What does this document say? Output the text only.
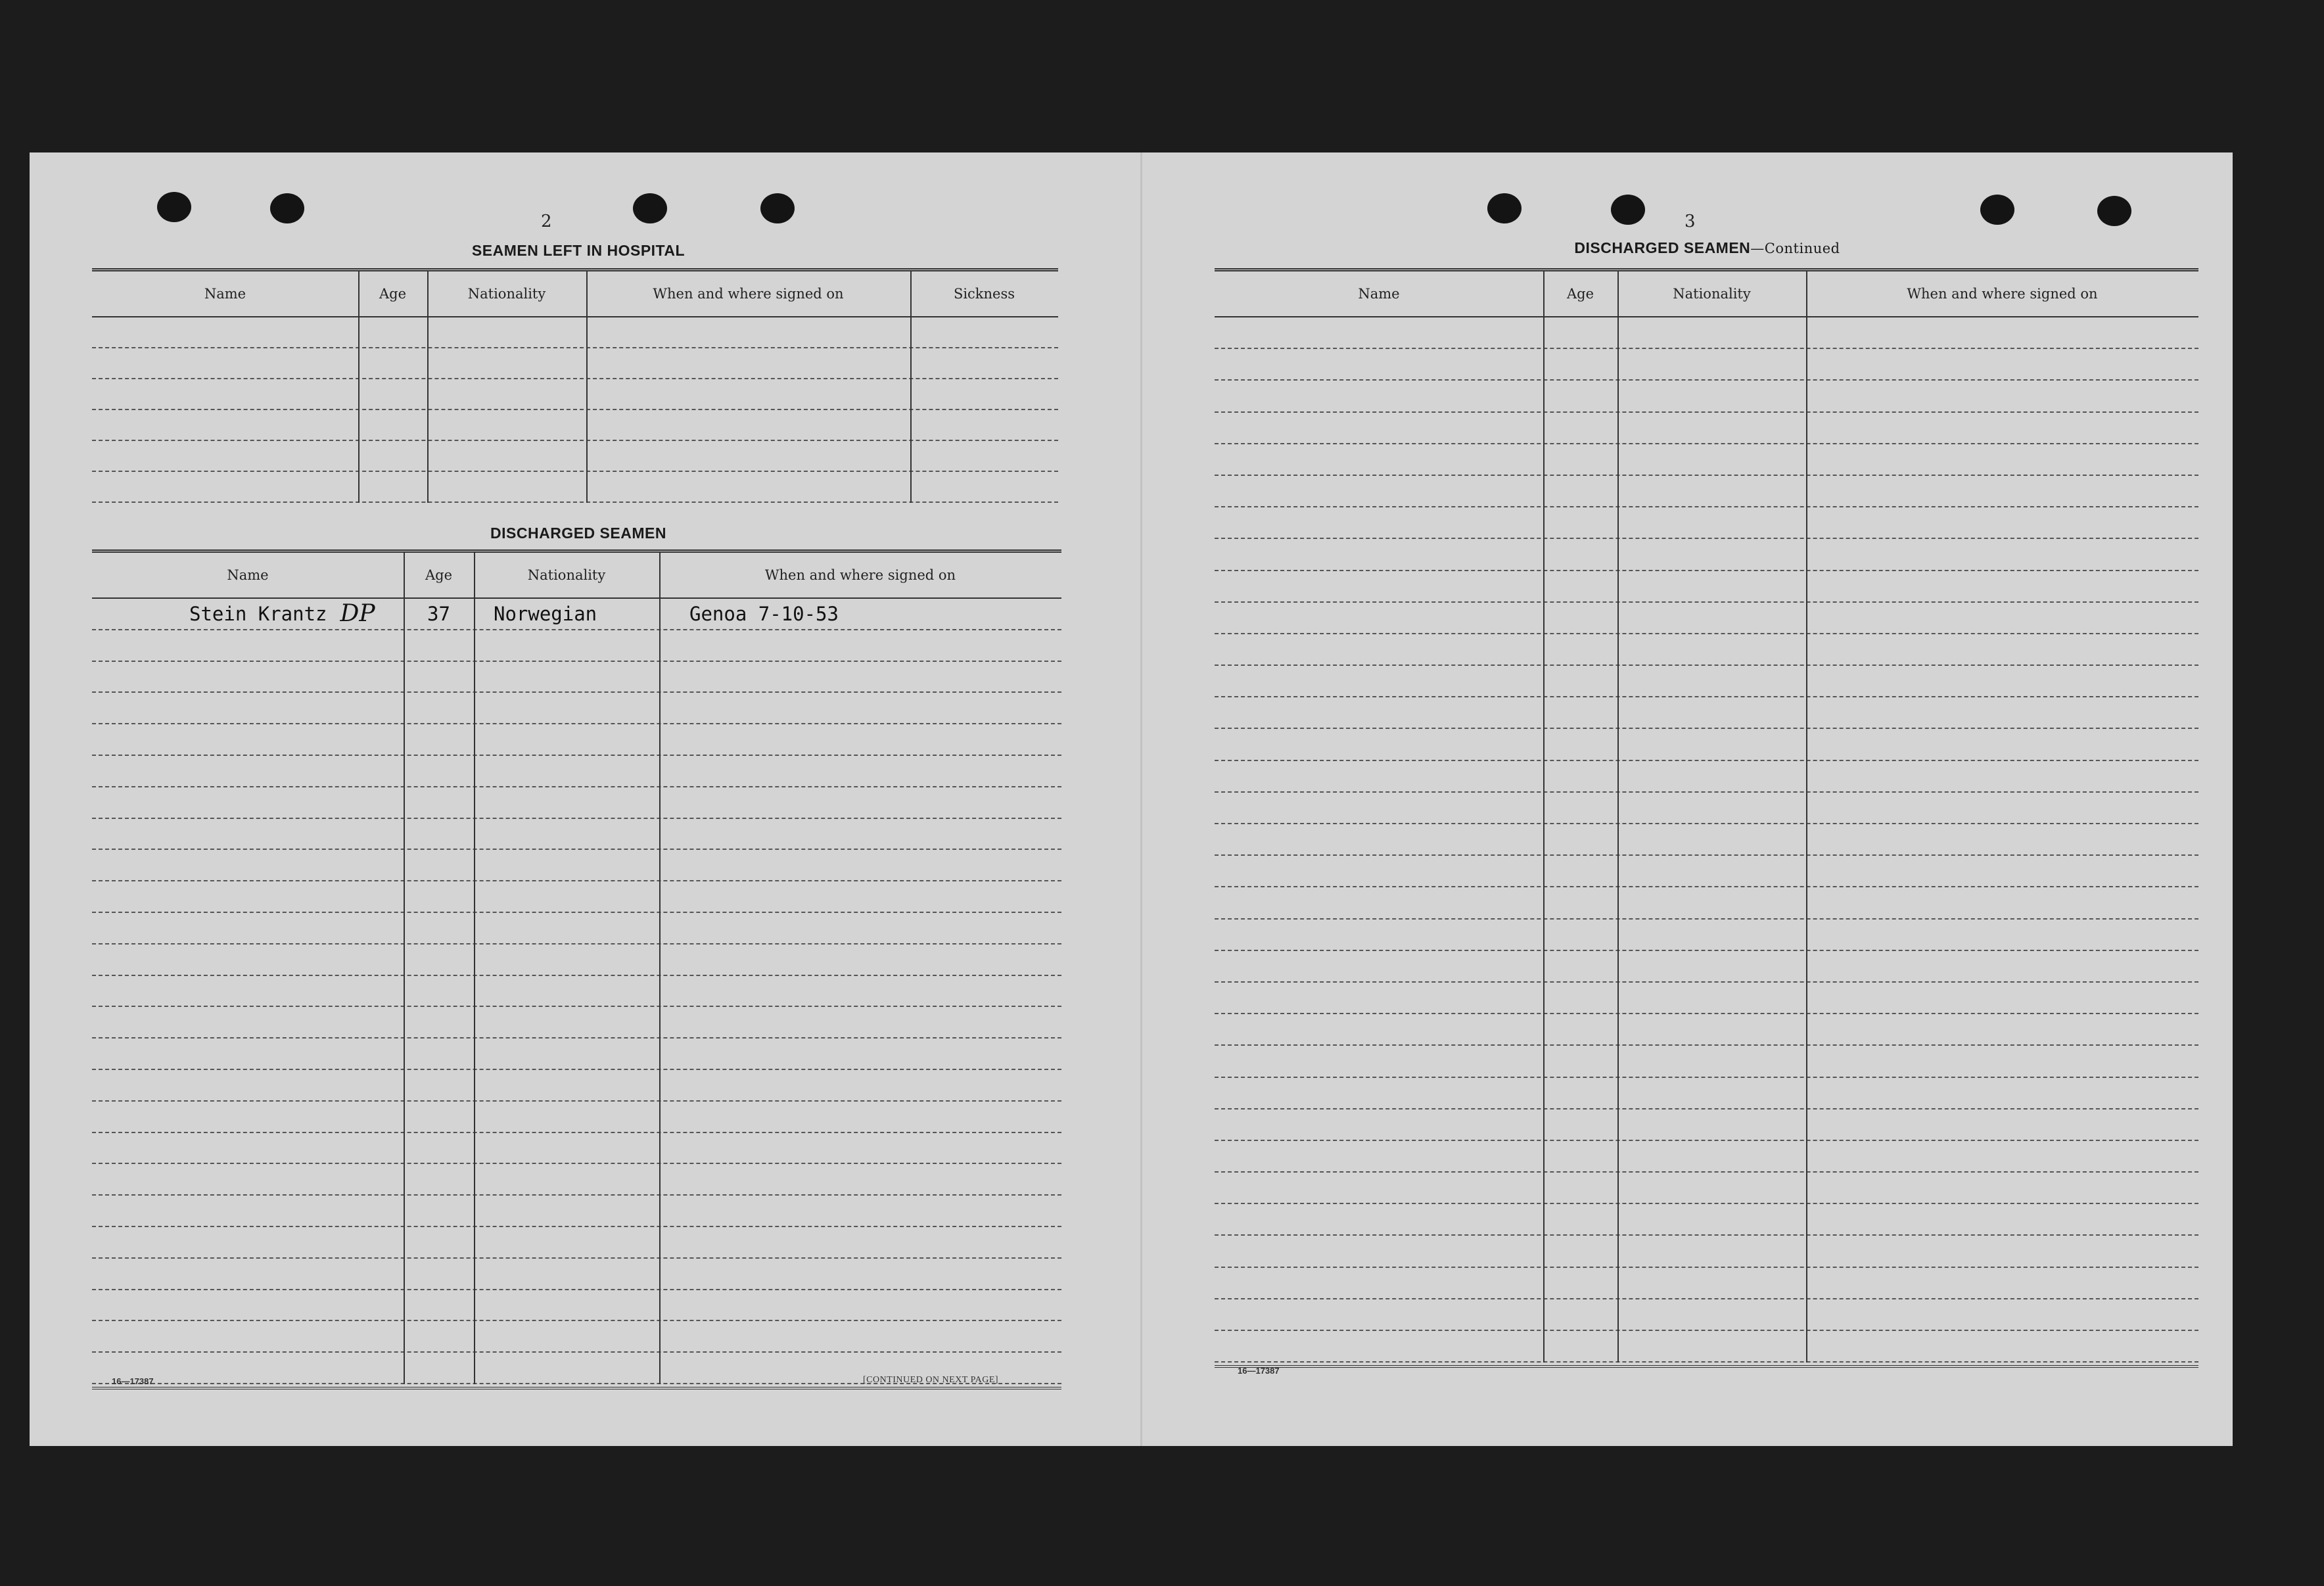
2
SEAMEN LEFT IN HOSPITAL
Name	Age	Nationality	When and where signed on	Sickness
DISCHARGED SEAMEN
Name	Age	Nationality	When and where signed on
Stein Krantz DP	37 Norwegian	Genoa 7-10-53
16—17387	[CONTINUED ON NEXT PAGE]
3
DISCHARGED SEAMEN—Continued
Name	Age	Nationality	When and where signed on
16—17387
